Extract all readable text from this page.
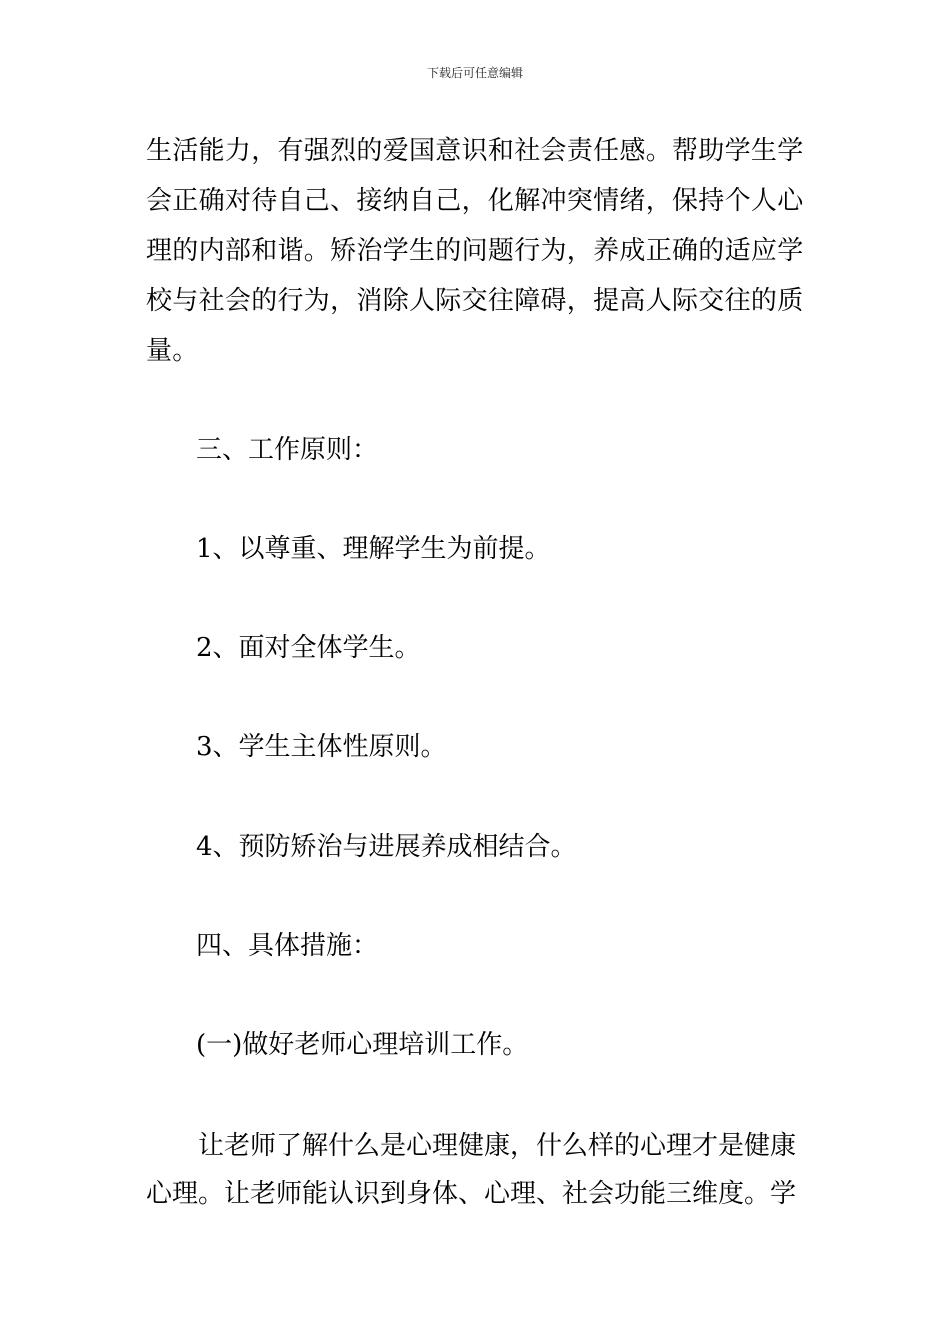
下载后可任意编辑
生活能力，有强烈的爱国意识和社会责任感。帮助学生学
会正确对待自己、接纳自己，化解冲突情绪，保持个人心
理的内部和谐。矫治学生的问题行为，养成正确的适应学
校与社会的行为，消除人际交往障碍，提高人际交往的质
量。
三、工作原则：
1、以尊重、理解学生为前提。
2、面对全体学生。
3、学生主体性原则。
4、预防矫治与进展养成相结合。
四、具体措施：
(一)做好老师心理培训工作。
让老师了解什么是心理健康，什么样的心理才是健康
心理。让老师能认识到身体、心理、社会功能三维度。学
